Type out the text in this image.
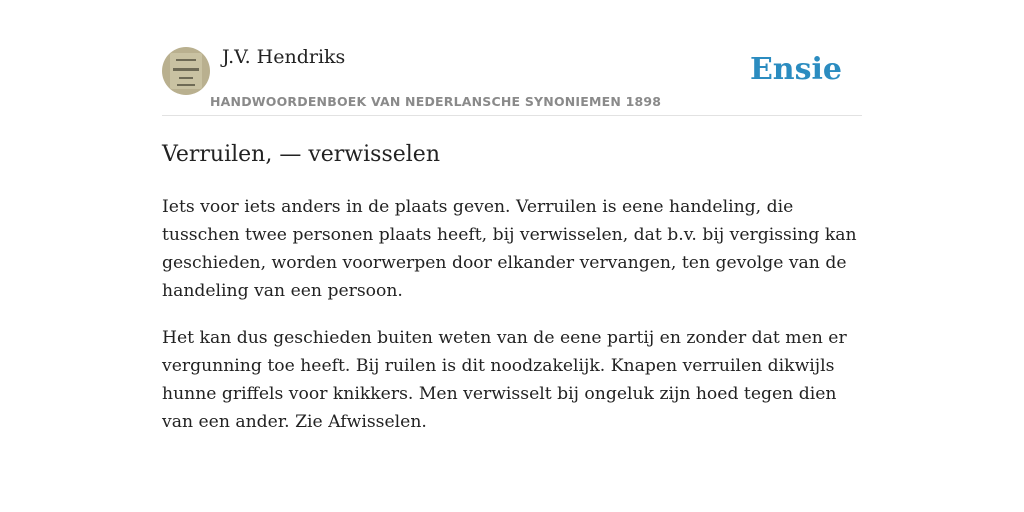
J.V. Hendriks
HANDWOORDENBOEK VAN NEDERLANSCHE SYNONIEMEN 1898
Ensie
Verruilen, — verwisselen

Iets voor iets anders in de plaats geven. Verruilen is eene handeling, die tusschen twee personen plaats heeft, bij verwisselen, dat b.v. bij vergissing kan geschieden, worden voorwerpen door elkander vervangen, ten gevolge van de handeling van een persoon.

Het kan dus geschieden buiten weten van de eene partij en zonder dat men er vergunning toe heeft. Bij ruilen is dit noodzakelijk. Knapen verruilen dikwijls hunne griffels voor knikkers. Men verwisselt bij ongeluk zijn hoed tegen dien van een ander. Zie Afwisselen.
